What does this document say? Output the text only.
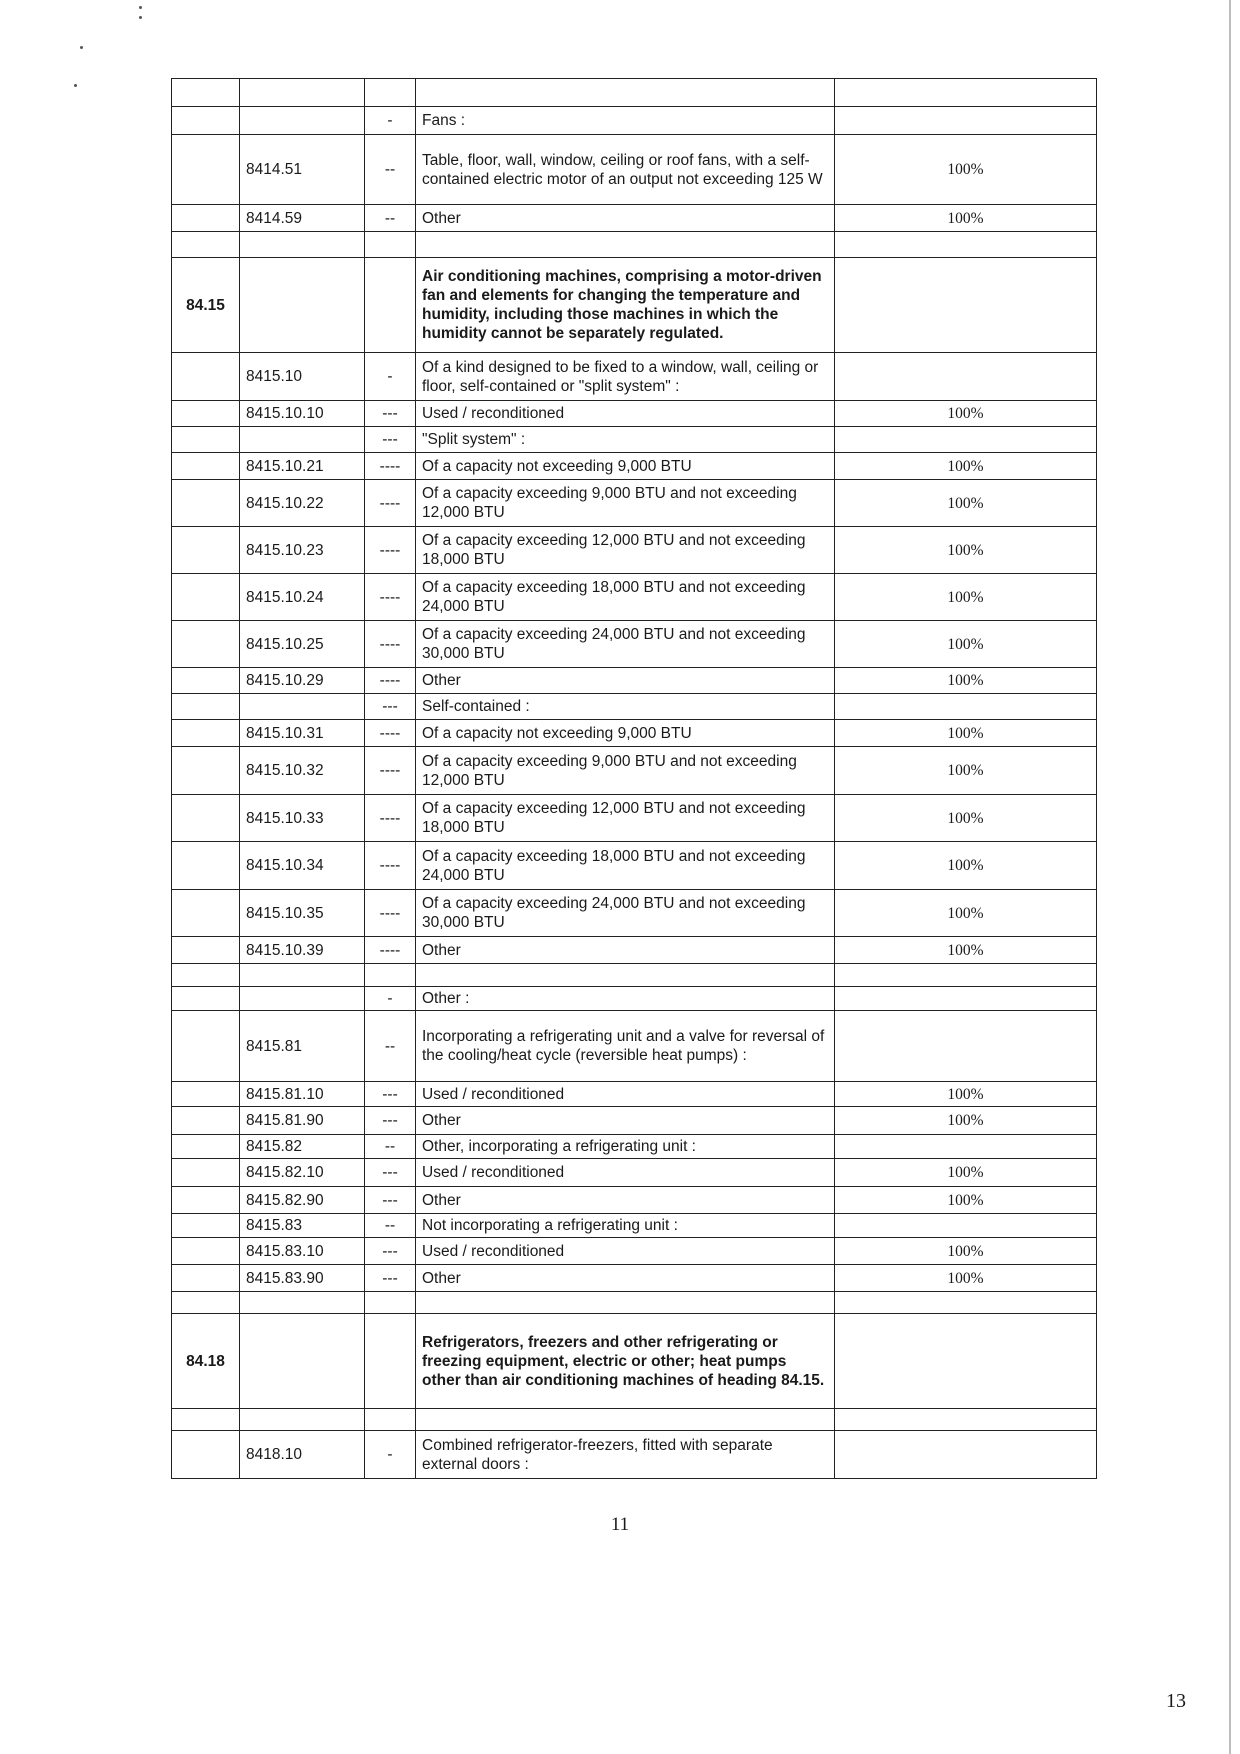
		-	Fans :	
	8414.51	--	Table, floor, wall, window, ceiling or roof fans, with a self-contained electric motor of an output not exceeding 125 W	100%
	8414.59	--	Other	100%

84.15			Air conditioning machines, comprising a motor-driven fan and elements for changing the temperature and humidity, including those machines in which the humidity cannot be separately regulated.	
	8415.10	-	Of a kind designed to be fixed to a window, wall, ceiling or floor, self-contained or "split system" :	
	8415.10.10	---	Used / reconditioned	100%
		---	"Split system" :	
	8415.10.21	----	Of a capacity not exceeding 9,000 BTU	100%
	8415.10.22	----	Of a capacity exceeding 9,000 BTU and not exceeding 12,000 BTU	100%
	8415.10.23	----	Of a capacity exceeding 12,000 BTU and not exceeding 18,000 BTU	100%
	8415.10.24	----	Of a capacity exceeding 18,000 BTU and not exceeding 24,000 BTU	100%
	8415.10.25	----	Of a capacity exceeding 24,000 BTU and not exceeding 30,000 BTU	100%
	8415.10.29	----	Other	100%
		---	Self-contained :	
	8415.10.31	----	Of a capacity not exceeding 9,000 BTU	100%
	8415.10.32	----	Of a capacity exceeding 9,000 BTU and not exceeding 12,000 BTU	100%
	8415.10.33	----	Of a capacity exceeding 12,000 BTU and not exceeding 18,000 BTU	100%
	8415.10.34	----	Of a capacity exceeding 18,000 BTU and not exceeding 24,000 BTU	100%
	8415.10.35	----	Of a capacity exceeding 24,000 BTU and not exceeding 30,000 BTU	100%
	8415.10.39	----	Other	100%

		-	Other :	
	8415.81	--	Incorporating a refrigerating unit and a valve for reversal of the cooling/heat cycle (reversible heat pumps) :	
	8415.81.10	---	Used / reconditioned	100%
	8415.81.90	---	Other	100%
	8415.82	--	Other, incorporating a refrigerating unit :	
	8415.82.10	---	Used / reconditioned	100%
	8415.82.90	---	Other	100%
	8415.83	--	Not incorporating a refrigerating unit :	
	8415.83.10	---	Used / reconditioned	100%
	8415.83.90	---	Other	100%

84.18			Refrigerators, freezers and other refrigerating or freezing equipment, electric or other; heat pumps other than air conditioning machines of heading 84.15.	

	8418.10	-	Combined refrigerator-freezers, fitted with separate external doors :	
11
13
